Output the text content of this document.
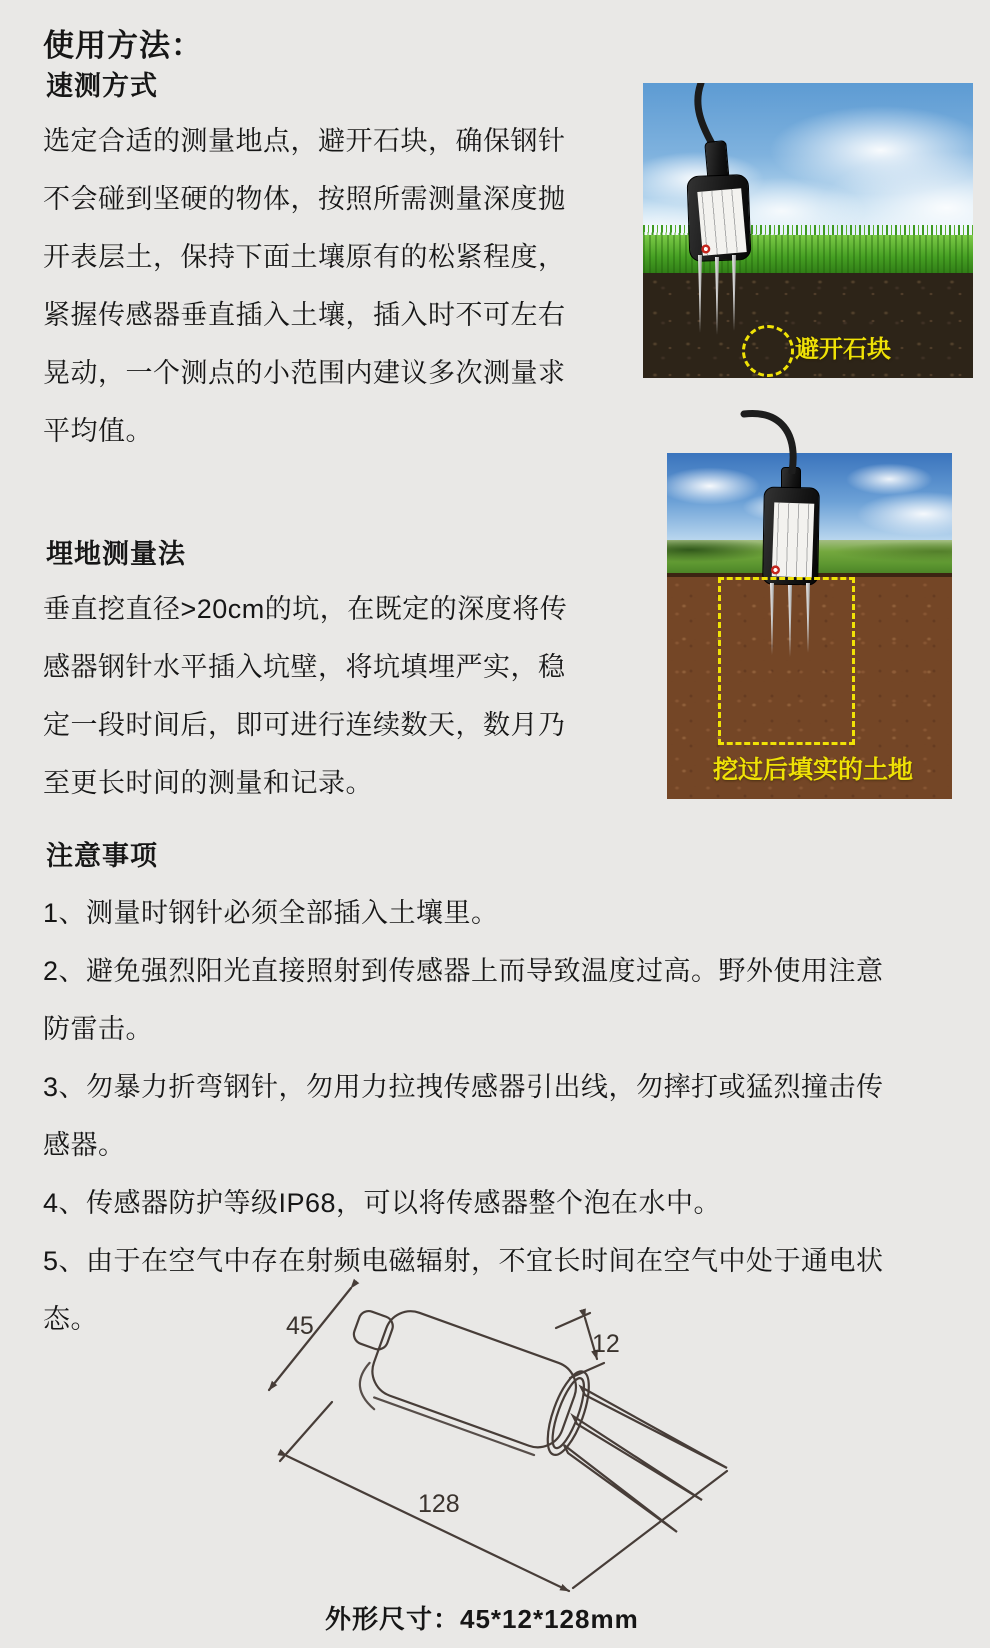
使用方法：
速测方式
选定合适的测量地点，避开石块，确保钢针
不会碰到坚硬的物体，按照所需测量深度抛
开表层土，保持下面土壤原有的松紧程度，
紧握传感器垂直插入土壤，插入时不可左右
晃动，一个测点的小范围内建议多次测量求
平均值。
避开石块
埋地测量法
垂直挖直径>20cm的坑，在既定的深度将传
感器钢针水平插入坑壁，将坑填埋严实，稳
定一段时间后，即可进行连续数天，数月乃
至更长时间的测量和记录。	挖过后填实的土地
注意事项
1、测量时钢针必须全部插入土壤里。
2、避免强烈阳光直接照射到传感器上而导致温度过高。野外使用注意
防雷击。
3、勿暴力折弯钢针，勿用力拉拽传感器引出线，勿摔打或猛烈撞击传
感器。
4、传感器防护等级IP68，可以将传感器整个泡在水中。
5、由于在空气中存在射频电磁辐射，不宜长时间在空气中处于通电状
态。	45
12
128
外形尺寸：45*12*128mm
